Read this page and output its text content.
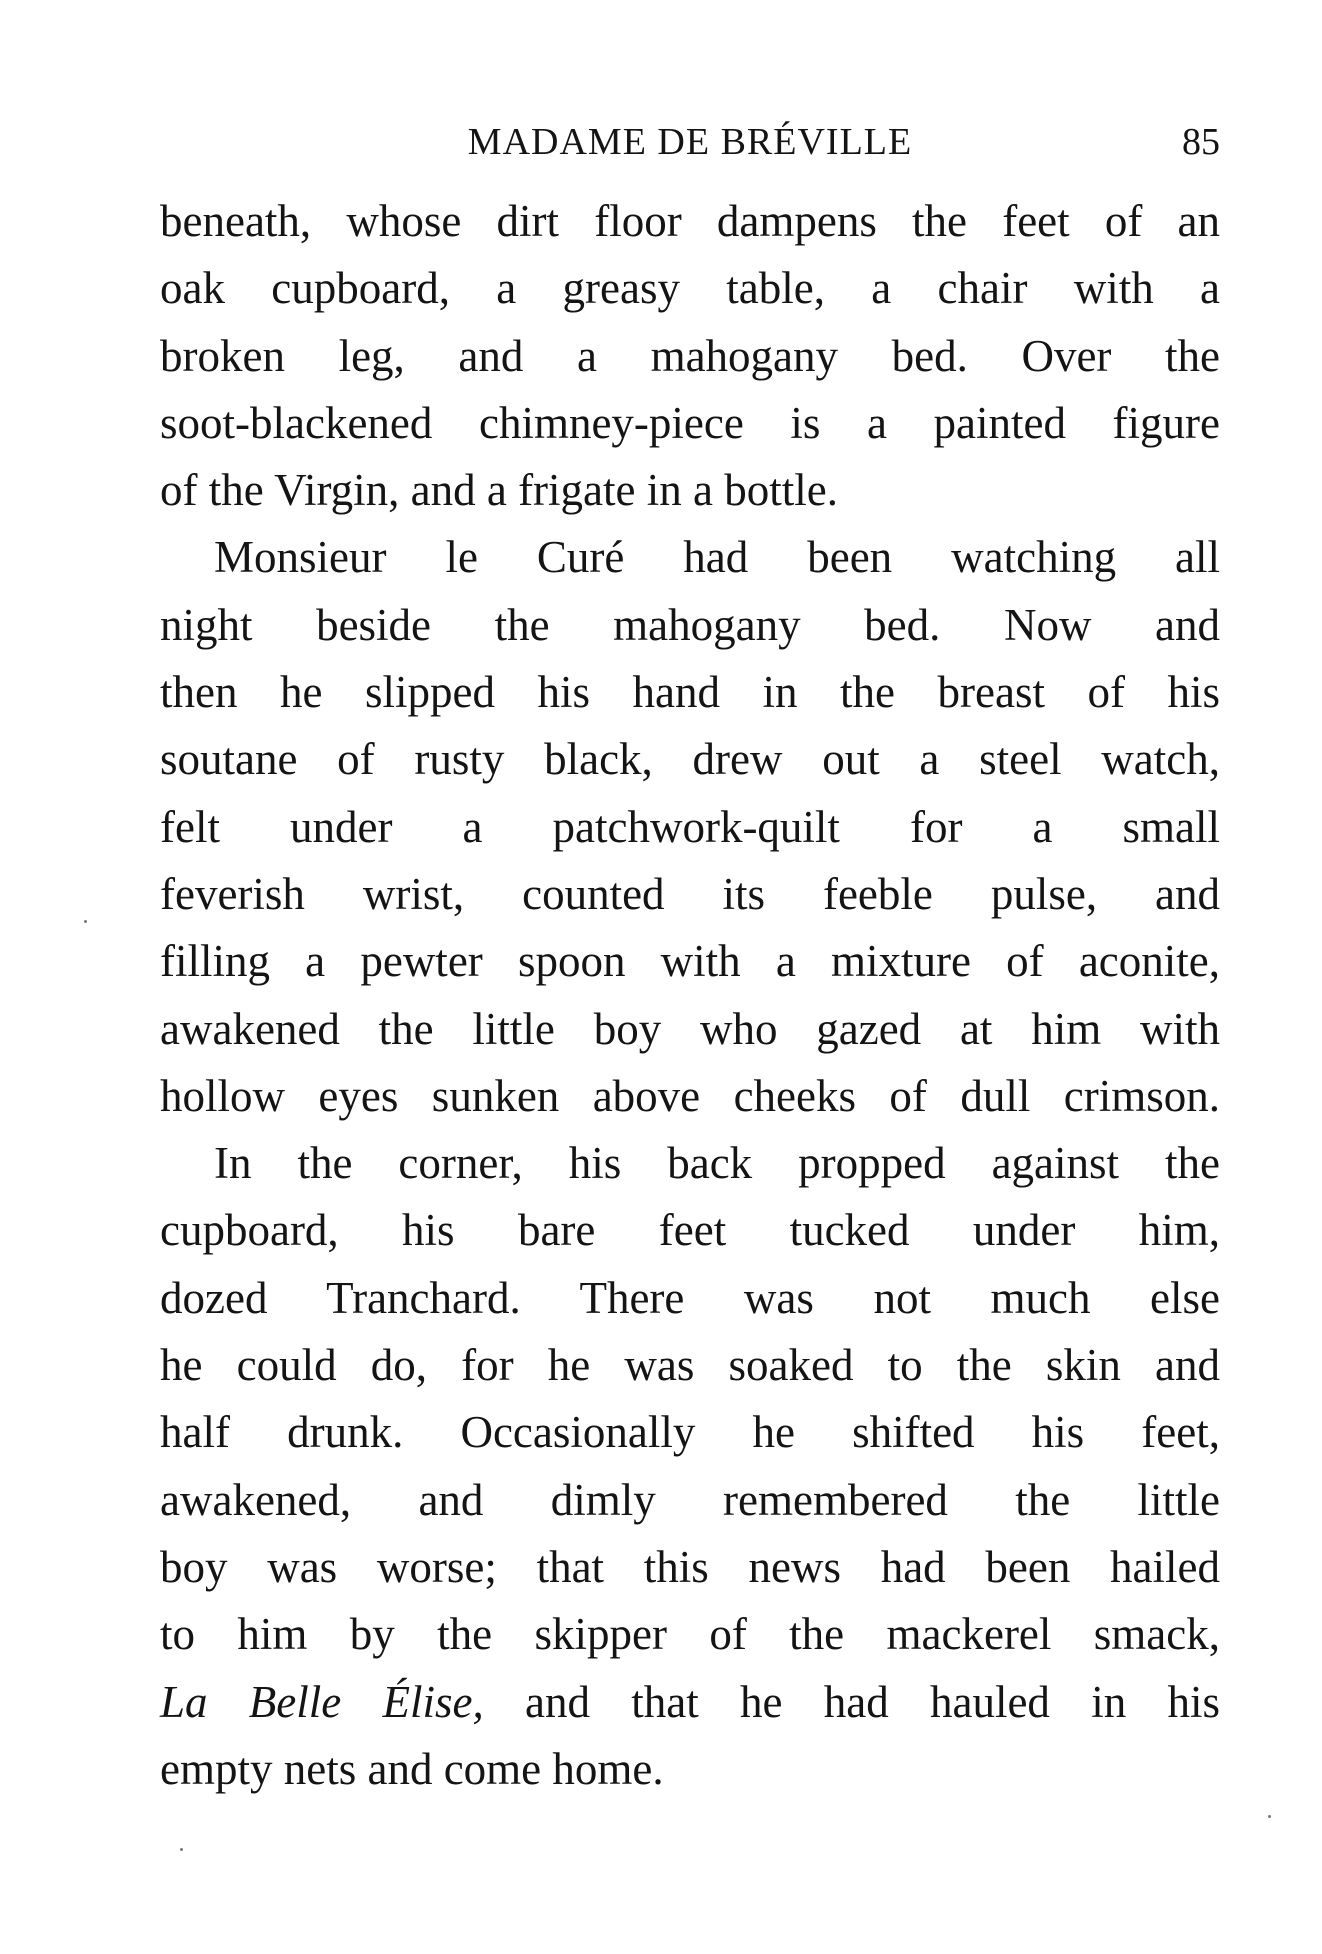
MADAME DE BRÉVILLE	85

beneath, whose dirt floor dampens the feet of an
oak cupboard, a greasy table, a chair with a
broken leg, and a mahogany bed. Over the
soot-blackened chimney-piece is a painted figure
of the Virgin, and a frigate in a bottle.

Monsieur le Curé had been watching all
night beside the mahogany bed. Now and
then he slipped his hand in the breast of his
soutane of rusty black, drew out a steel watch,
felt under a patchwork-quilt for a small
feverish wrist, counted its feeble pulse, and
filling a pewter spoon with a mixture of aconite,
awakened the little boy who gazed at him with
hollow eyes sunken above cheeks of dull crimson.

In the corner, his back propped against the
cupboard, his bare feet tucked under him,
dozed Tranchard. There was not much else
he could do, for he was soaked to the skin and
half drunk. Occasionally he shifted his feet,
awakened, and dimly remembered the little
boy was worse; that this news had been hailed
to him by the skipper of the mackerel smack,
La Belle Élise, and that he had hauled in his
empty nets and come home.
